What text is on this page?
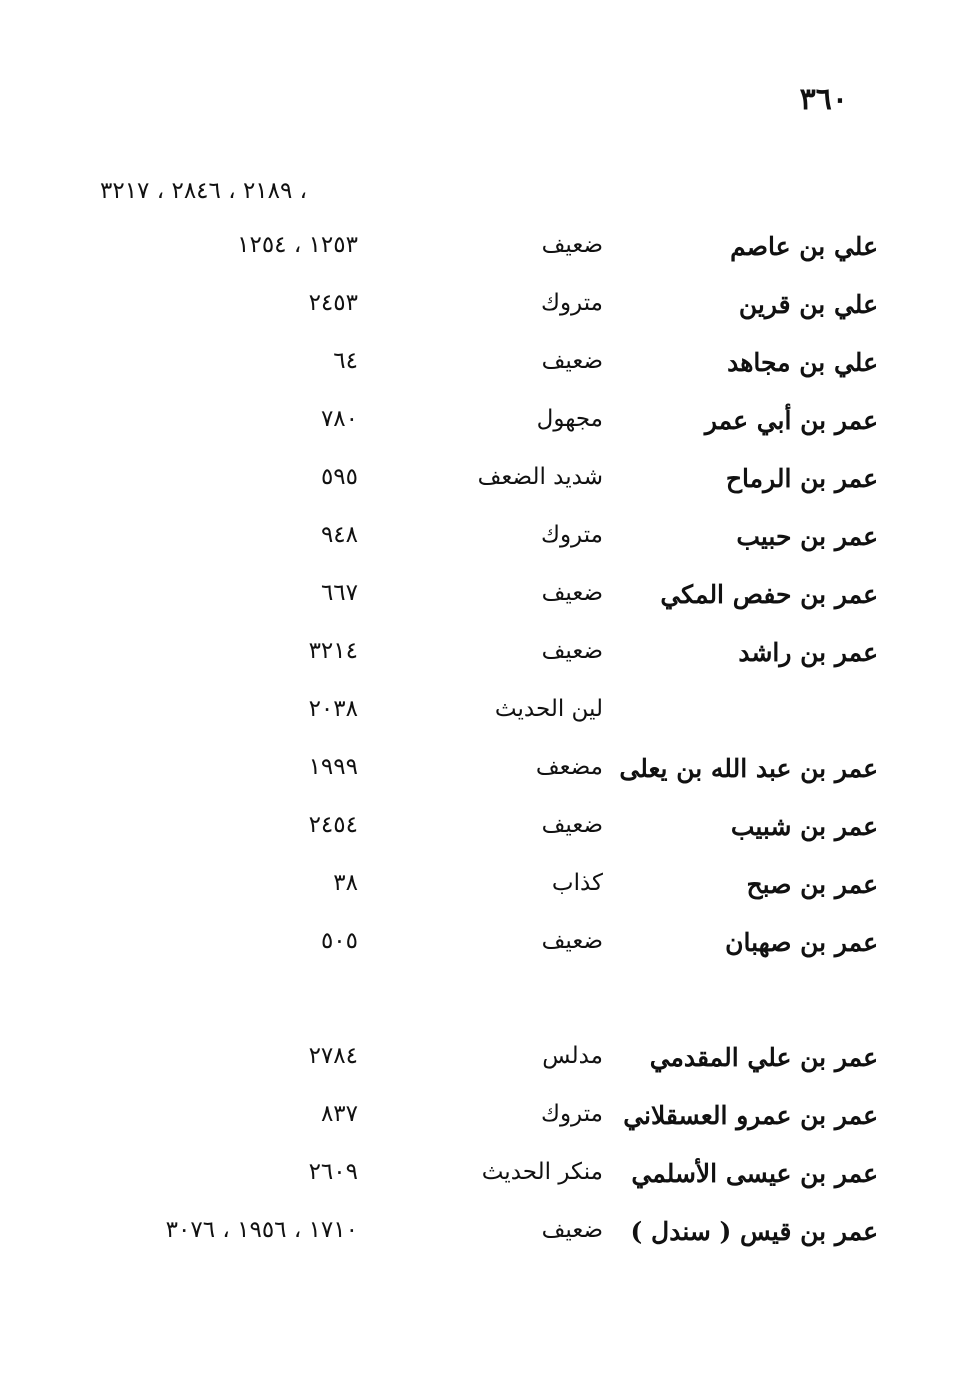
٣٦٠
، ٢١٨٩ ، ٢٨٤٦ ، ٣٢١٧
علي بن عاصم
ضعيف
١٢٥٣ ، ١٢٥٤
علي بن قرين
متروك
٢٤٥٣
علي بن مجاهد
ضعيف
٦٤
عمر بن أبي عمر
مجهول
٧٨٠
عمر بن الرماح
شديد الضعف
٥٩٥
عمر بن حبيب
متروك
٩٤٨
عمر بن حفص المكي
ضعيف
٦٦٧
عمر بن راشد
ضعيف
٣٢١٤
لين الحديث
٢٠٣٨
عمر بن عبد الله بن يعلى
مضعف
١٩٩٩
عمر بن شبيب
ضعيف
٢٤٥٤
عمر بن صبح
كذاب
٣٨
عمر بن صهبان
ضعيف
٥٠٥
عمر بن علي المقدمي
مدلس
٢٧٨٤
عمر بن عمرو العسقلاني
متروك
٨٣٧
عمر بن عيسى الأسلمي
منكر الحديث
٢٦٠٩
عمر بن قيس ( سندل )
ضعيف
١٧١٠ ، ١٩٥٦ ، ٣٠٧٦
